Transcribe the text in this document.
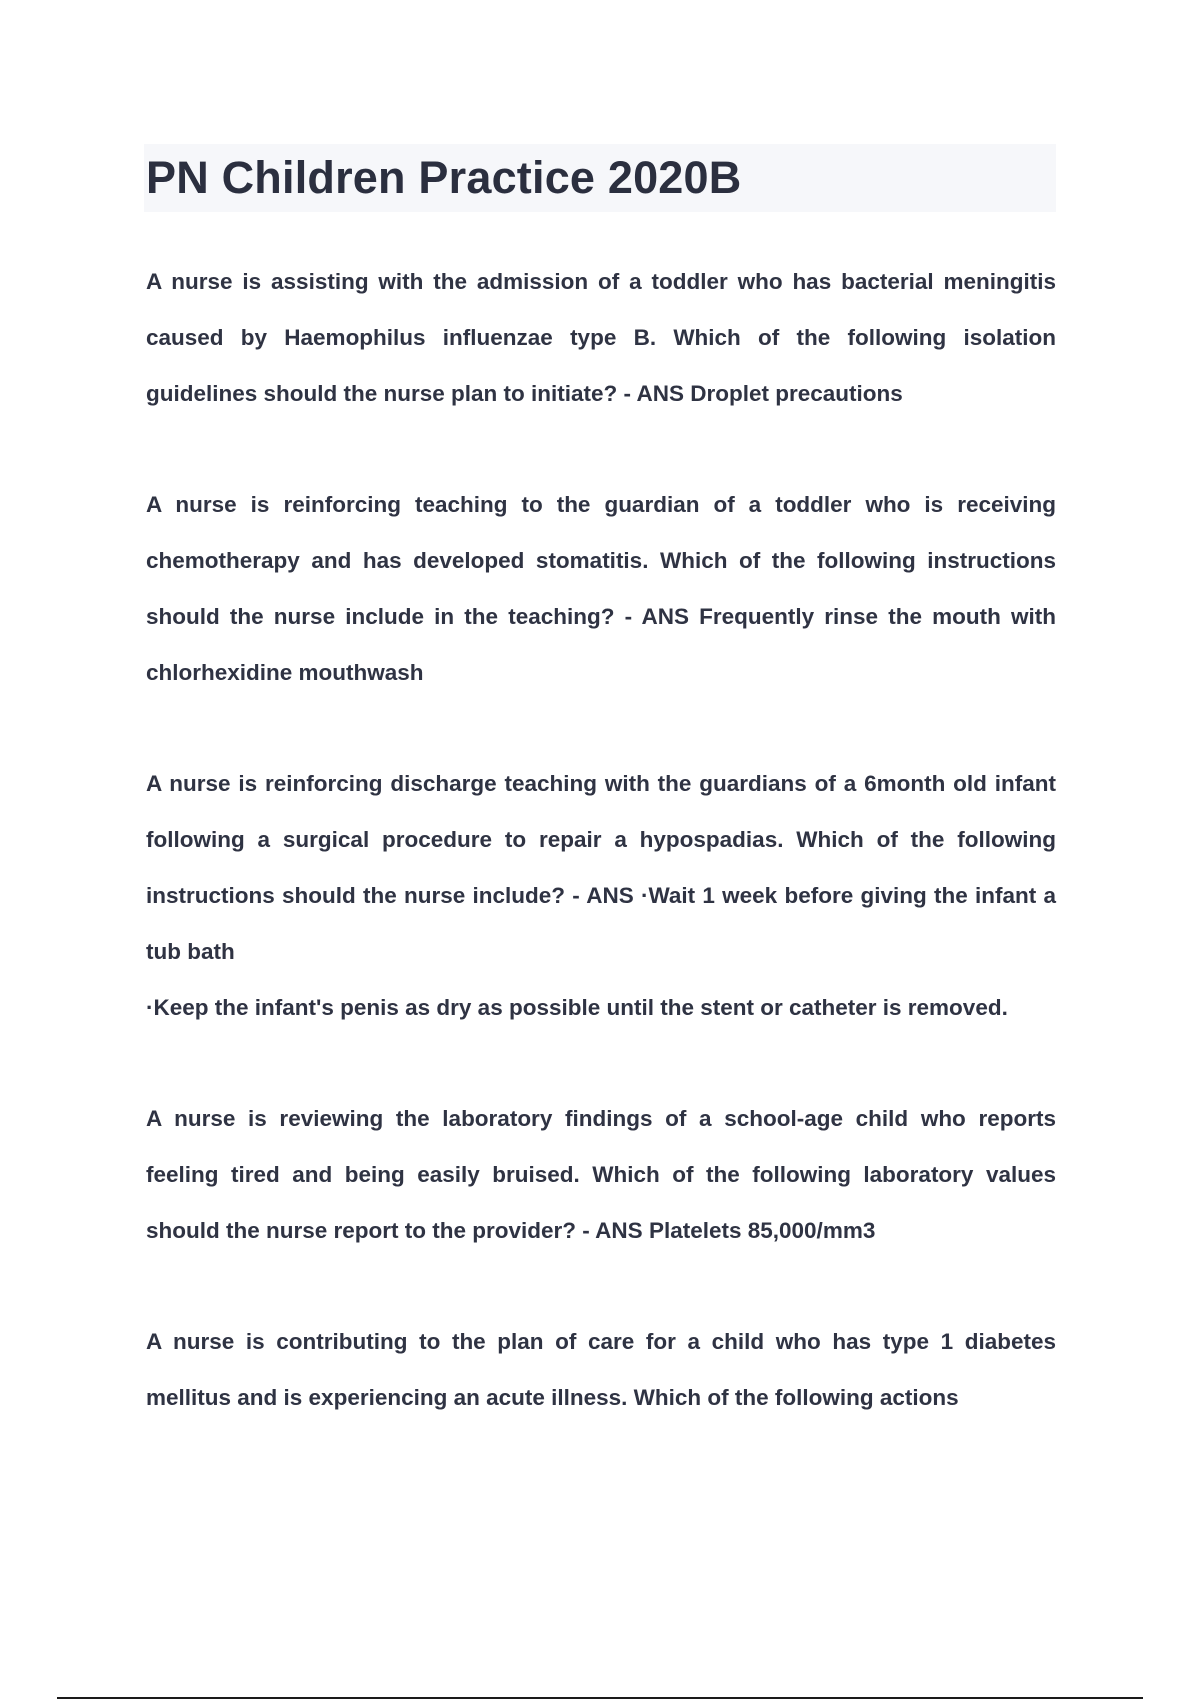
PN Children Practice 2020B

A nurse is assisting with the admission of a toddler who has bacterial meningitis caused by Haemophilus influenzae type B. Which of the following isolation guidelines should the nurse plan to initiate? - ANS Droplet precautions

A nurse is reinforcing teaching to the guardian of a toddler who is receiving chemotherapy and has developed stomatitis. Which of the following instructions should the nurse include in the teaching? - ANS Frequently rinse the mouth with chlorhexidine mouthwash

A nurse is reinforcing discharge teaching with the guardians of a 6month old infant following a surgical procedure to repair a hypospadias. Which of the following instructions should the nurse include? - ANS ·Wait 1 week before giving the infant a tub bath

·Keep the infant's penis as dry as possible until the stent or catheter is removed.

A nurse is reviewing the laboratory findings of a school-age child who reports feeling tired and being easily bruised. Which of the following laboratory values should the nurse report to the provider? - ANS Platelets 85,000/mm3

A nurse is contributing to the plan of care for a child who has type 1 diabetes mellitus and is experiencing an acute illness. Which of the following actions
